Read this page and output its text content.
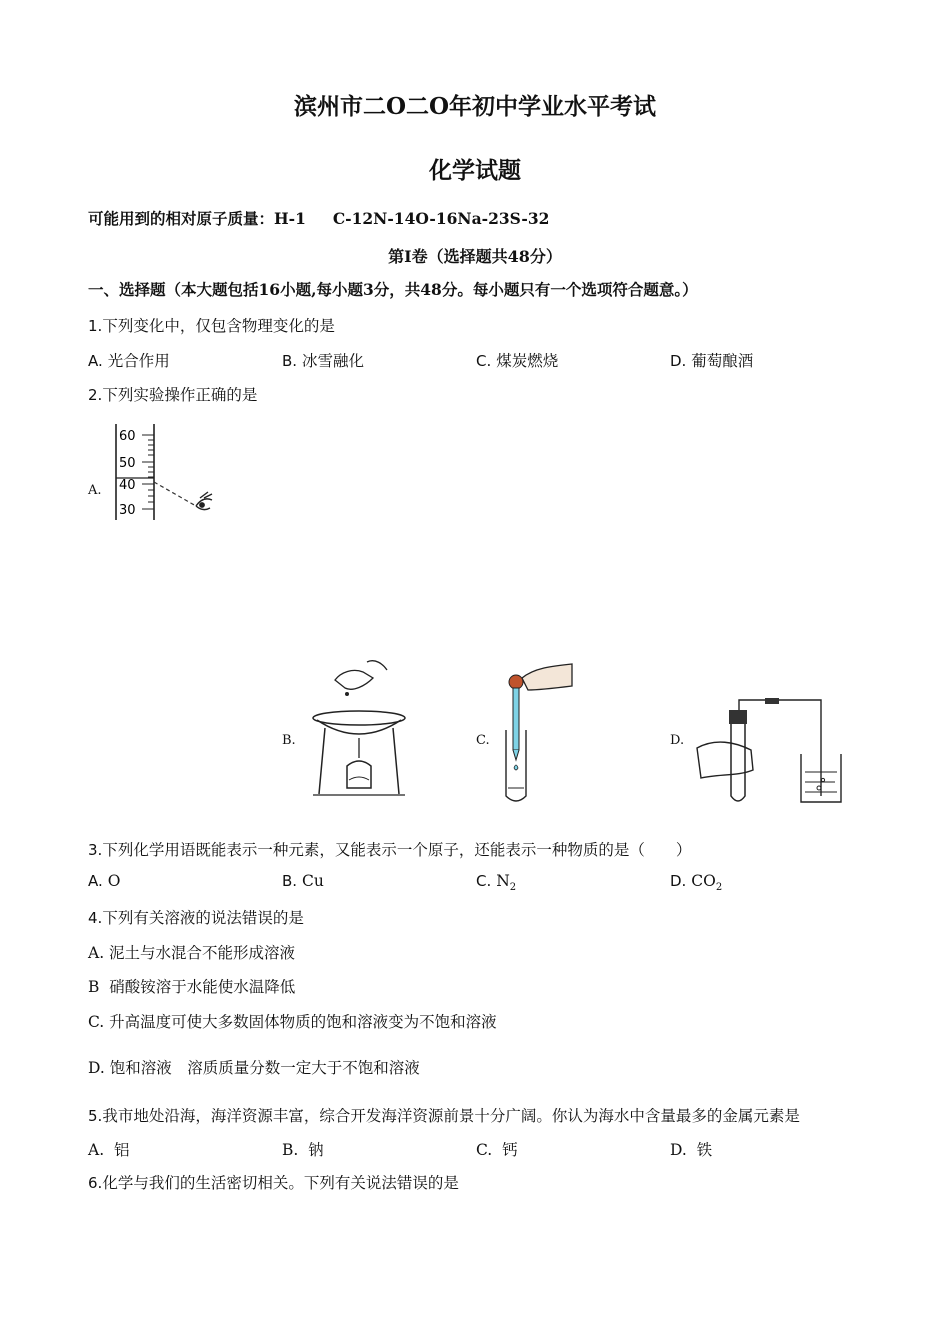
滨州市二O二O年初中学业水平考试
化学试题
可能用到的相对原子质量：H-1     C-12N-14O-16Na-23S-32
第I卷（选择题共48分）
一、选择题（本大题包括16小题,每小题3分，共48分。每小题只有一个选项符合题意。）
1.下列变化中，仅包含物理变化的是
A. 光合作用	B. 冰雪融化	C. 煤炭燃烧	D. 葡萄酿酒
2.下列实验操作正确的是
A.
60
50
40
30
B.	C.	D.
3.下列化学用语既能表示一种元素，又能表示一个原子，还能表示一种物质的是（　　）
A. O	B. Cu	C. $N_2$	D. $CO_2$
4.下列有关溶液的说法错误的是
A. 泥土与水混合不能形成溶液
B  硝酸铵溶于水能使水温降低
C. 升高温度可使大多数固体物质的饱和溶液变为不饱和溶液
D. 饱和溶液　溶质质量分数一定大于不饱和溶液
5.我市地处沿海，海洋资源丰富，综合开发海洋资源前景十分广阔。你认为海水中含量最多的金属元素是
A.  铝	B.  钠	C.  钙	D.  铁
6.化学与我们的生活密切相关。下列有关说法错误的是
